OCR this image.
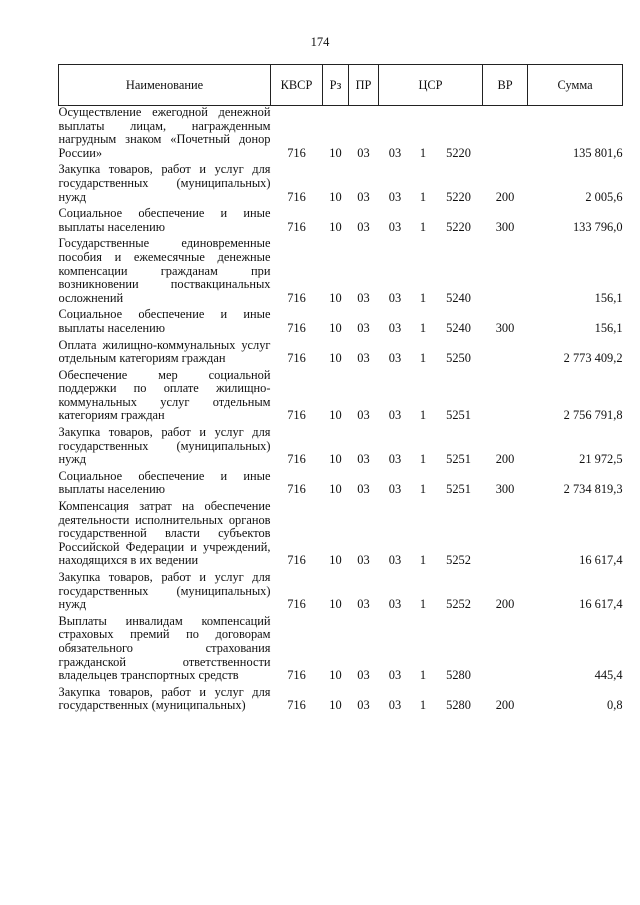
174
Наименование	КВСР	Рз	ПР	ЦСР			ВР	Сумма
Осуществление ежегодной денежной выплаты лицам, награжденным нагрудным знаком «Почетный донор России»	716	10	03	03	1	5220		135 801,6
Закупка товаров, работ и услуг для государственных (муниципальных) нужд	716	10	03	03	1	5220	200	2 005,6
Социальное обеспечение и иные выплаты населению	716	10	03	03	1	5220	300	133 796,0
Государственные единовременные пособия и ежемесячные денежные компенсации гражданам при возникновении поствакцинальных осложнений	716	10	03	03	1	5240		156,1
Социальное обеспечение и иные выплаты населению	716	10	03	03	1	5240	300	156,1
Оплата жилищно-коммунальных услуг отдельным категориям граждан	716	10	03	03	1	5250		2 773 409,2
Обеспечение мер социальной поддержки по оплате жилищно-коммунальных услуг отдельным категориям граждан	716	10	03	03	1	5251		2 756 791,8
Закупка товаров, работ и услуг для государственных (муниципальных) нужд	716	10	03	03	1	5251	200	21 972,5
Социальное обеспечение и иные выплаты населению	716	10	03	03	1	5251	300	2 734 819,3
Компенсация затрат на обеспечение деятельности исполнительных органов государственной власти субъектов Российской Федерации и учреждений, находящихся в их ведении	716	10	03	03	1	5252		16 617,4
Закупка товаров, работ и услуг для государственных (муниципальных) нужд	716	10	03	03	1	5252	200	16 617,4
Выплаты инвалидам компенсаций страховых премий по договорам обязательного страхования гражданской ответственности владельцев транспортных средств	716	10	03	03	1	5280		445,4
Закупка товаров, работ и услуг для государственных (муниципальных)	716	10	03	03	1	5280	200	0,8
